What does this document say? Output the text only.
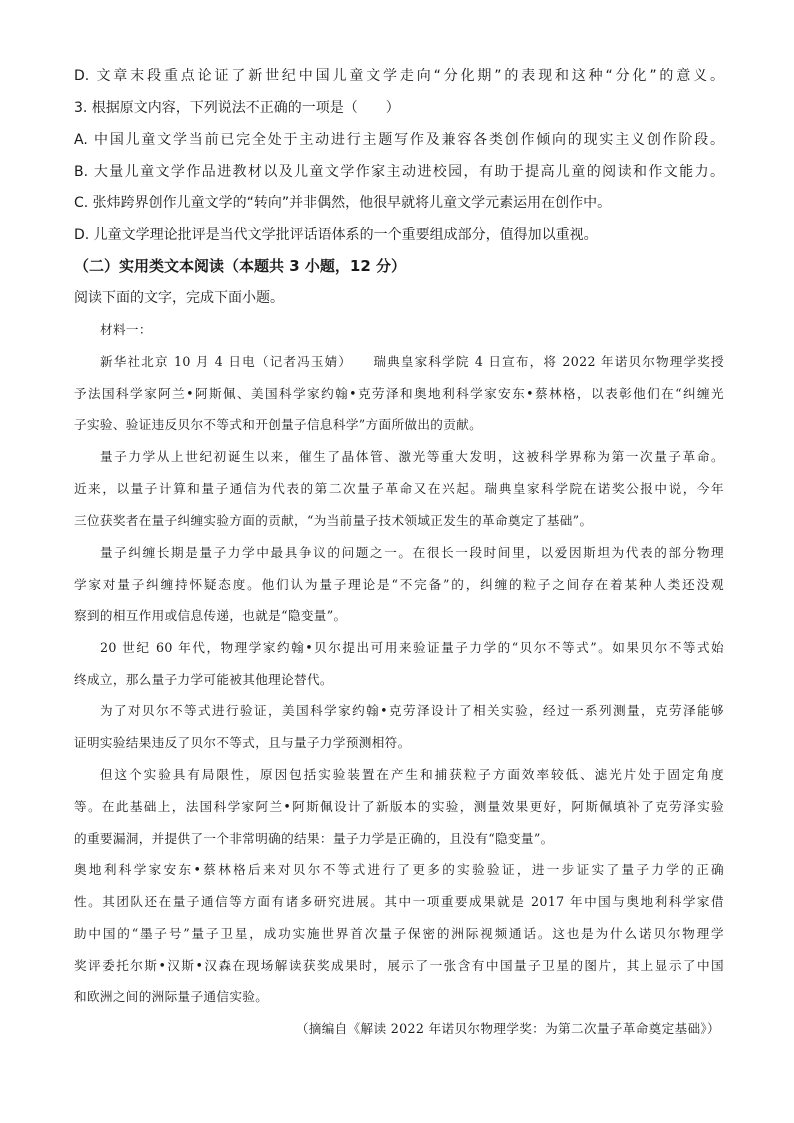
D. 文章末段重点论证了新世纪中国儿童文学走向“分化期”的表现和这种“分化”的意义。
3. 根据原文内容，下列说法不正确的一项是（　　）
A. 中国儿童文学当前已完全处于主动进行主题写作及兼容各类创作倾向的现实主义创作阶段。
B. 大量儿童文学作品进教材以及儿童文学作家主动进校园，有助于提高儿童的阅读和作文能力。
C. 张炜跨界创作儿童文学的“转向”并非偶然，他很早就将儿童文学元素运用在创作中。
D. 儿童文学理论批评是当代文学批评话语体系的一个重要组成部分，值得加以重视。
（二）实用类文本阅读（本题共 3 小题，12 分）
阅读下面的文字，完成下面小题。
材料一：
新华社北京 10 月 4 日电（记者冯玉婧）　　瑞典皇家科学院 4 日宣布，将 2022 年诺贝尔物理学奖授
予法国科学家阿兰•阿斯佩、美国科学家约翰•克劳泽和奥地利科学家安东•蔡林格，以表彰他们在“纠缠光
子实验、验证违反贝尔不等式和开创量子信息科学”方面所做出的贡献。
量子力学从上世纪初诞生以来，催生了晶体管、激光等重大发明，这被科学界称为第一次量子革命。
近来，以量子计算和量子通信为代表的第二次量子革命又在兴起。瑞典皇家科学院在诺奖公报中说，今年
三位获奖者在量子纠缠实验方面的贡献，“为当前量子技术领域正发生的革命奠定了基础”。
量子纠缠长期是量子力学中最具争议的问题之一。在很长一段时间里，以爱因斯坦为代表的部分物理
学家对量子纠缠持怀疑态度。他们认为量子理论是“不完备”的，纠缠的粒子之间存在着某种人类还没观
察到的相互作用或信息传递，也就是“隐变量”。
20 世纪 60 年代，物理学家约翰•贝尔提出可用来验证量子力学的“贝尔不等式”。如果贝尔不等式始
终成立，那么量子力学可能被其他理论替代。
为了对贝尔不等式进行验证，美国科学家约翰•克劳泽设计了相关实验，经过一系列测量，克劳泽能够
证明实验结果违反了贝尔不等式，且与量子力学预测相符。
但这个实验具有局限性，原因包括实验装置在产生和捕获粒子方面效率较低、滤光片处于固定角度
等。在此基础上，法国科学家阿兰•阿斯佩设计了新版本的实验，测量效果更好，阿斯佩填补了克劳泽实验
的重要漏洞，并提供了一个非常明确的结果：量子力学是正确的，且没有“隐变量”。
奥地利科学家安东•蔡林格后来对贝尔不等式进行了更多的实验验证，进一步证实了量子力学的正确
性。其团队还在量子通信等方面有诸多研究进展。其中一项重要成果就是 2017 年中国与奥地利科学家借
助中国的“墨子号”量子卫星，成功实施世界首次量子保密的洲际视频通话。这也是为什么诺贝尔物理学
奖评委托尔斯•汉斯•汉森在现场解读获奖成果时，展示了一张含有中国量子卫星的图片，其上显示了中国
和欧洲之间的洲际量子通信实验。
（摘编自《解读 2022 年诺贝尔物理学奖：为第二次量子革命奠定基础》）
